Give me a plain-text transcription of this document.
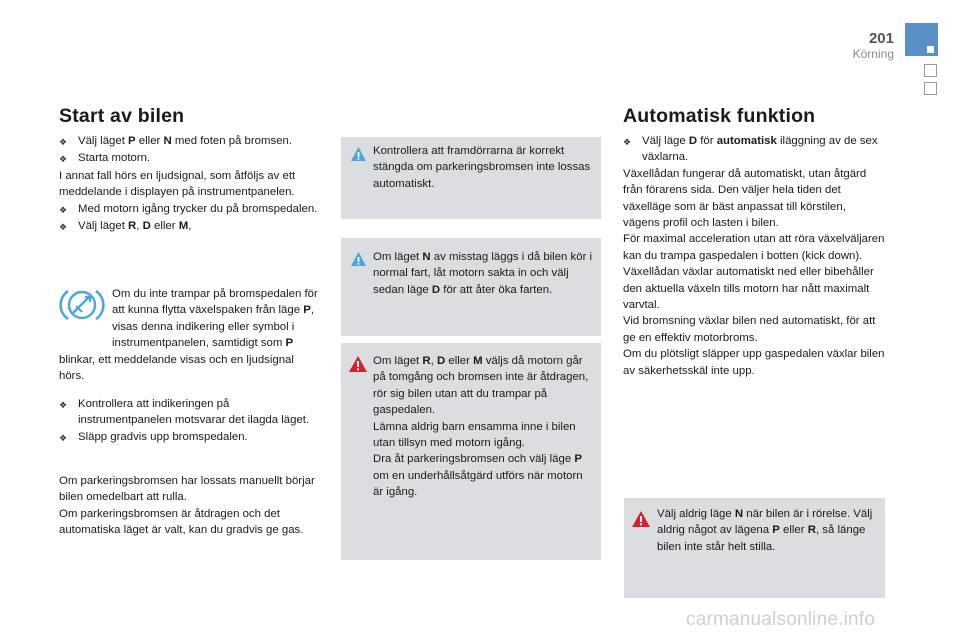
201
Körning
Start av bilen
❖ Välj läget P eller N med foten på bromsen.
❖ Starta motorn.
I annat fall hörs en ljudsignal, som åtföljs av ett meddelande i displayen på instrumentpanelen.
❖ Med motorn igång trycker du på bromspedalen.
❖ Välj läget R, D eller M,
Om du inte trampar på bromspedalen för att kunna flytta växelspaken från läge P, visas denna indikering eller symbol i instrumentpanelen, samtidigt som P blinkar, ett meddelande visas och en ljudsignal hörs.
❖ Kontrollera att indikeringen på instrumentpanelen motsvarar det ilagda läget.
❖ Släpp gradvis upp bromspedalen.
Om parkeringsbromsen har lossats manuellt börjar bilen omedelbart att rulla.
Om parkeringsbromsen är åtdragen och det automatiska läget är valt, kan du gradvis ge gas.
Kontrollera att framdörrarna är korrekt stängda om parkeringsbromsen inte lossas automatiskt.
Om läget N av misstag läggs i då bilen kör i normal fart, låt motorn sakta in och välj sedan läge D för att åter öka farten.
Om läget R, D eller M väljs då motorn går på tomgång och bromsen inte är åtdragen, rör sig bilen utan att du trampar på gaspedalen.
Lämna aldrig barn ensamma inne i bilen utan tillsyn med motorn igång.
Dra åt parkeringsbromsen och välj läge P om en underhållsåtgärd utförs när motorn är igång.
Automatisk funktion
❖ Välj läge D för automatisk iläggning av de sex växlarna.
Växellådan fungerar då automatiskt, utan åtgärd från förarens sida. Den väljer hela tiden det växelläge som är bäst anpassat till körstilen, vägens profil och lasten i bilen.
För maximal acceleration utan att röra växelväljaren kan du trampa gaspedalen i botten (kick down). Växellådan växlar automatiskt ned eller bibehåller den aktuella växeln tills motorn har nått maximalt varvtal.
Vid bromsning växlar bilen ned automatiskt, för att ge en effektiv motorbroms.
Om du plötsligt släpper upp gaspedalen växlar bilen av säkerhetsskäl inte upp.
Välj aldrig läge N när bilen är i rörelse. Välj aldrig något av lägena P eller R, så länge bilen inte står helt stilla.
carmanualsonline.info
